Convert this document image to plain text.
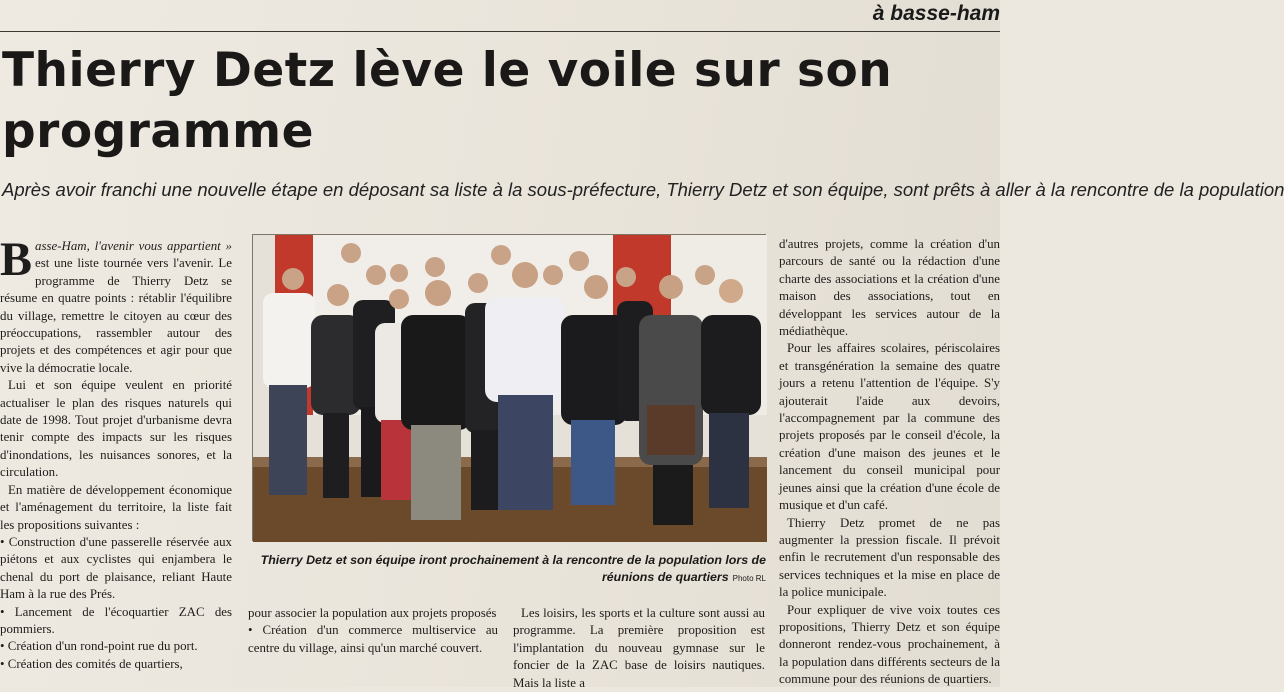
à basse-ham
Thierry Detz lève le voile sur son programme

Après avoir franchi une nouvelle étape en déposant sa liste à la sous-préfecture, Thierry Detz et son équipe, sont prêts à aller à la rencontre de la population

Basse-Ham, l'avenir vous appartient » est une liste tournée vers l'avenir. Le programme de Thierry Detz se résume en quatre points : rétablir l'équilibre du village, remettre le citoyen au cœur des préoccupations, rassembler autour des projets et des compétences et agir pour que vive la démocratie locale.

Lui et son équipe veulent en priorité actualiser le plan des risques naturels qui date de 1998. Tout projet d'urbanisme devra tenir compte des impacts sur les risques d'inondations, les nuisances sonores, et la circulation.

En matière de développement économique et l'aménagement du territoire, la liste fait les propositions suivantes :

• Construction d'une passerelle réservée aux piétons et aux cyclistes qui enjambera le chenal du port de plaisance, reliant Haute Ham à la rue des Prés.

• Lancement de l'écoquartier ZAC des pommiers.

• Création d'un rond-point rue du port.

• Création des comités de quartiers,

Thierry Detz et son équipe iront prochainement à la rencontre de la population lors de réunions de quartiers Photo RL

pour associer la population aux projets proposés

• Création d'un commerce multiservice au centre du village, ainsi qu'un marché couvert.

Les loisirs, les sports et la culture sont aussi au programme. La première proposition est l'implantation du nouveau gymnase sur le foncier de la ZAC base de loisirs nautiques. Mais la liste a

d'autres projets, comme la création d'un parcours de santé ou la rédaction d'une charte des associations et la création d'une maison des associations, tout en développant les services autour de la médiathèque.

Pour les affaires scolaires, périscolaires et transgénération la semaine des quatre jours a retenu l'attention de l'équipe. S'y ajouterait l'aide aux devoirs, l'accompagnement par la commune des projets proposés par le conseil d'école, la création d'une maison des jeunes et le lancement du conseil municipal pour jeunes ainsi que la création d'une école de musique et d'un café.

Thierry Detz promet de ne pas augmenter la pression fiscale. Il prévoit enfin le recrutement d'un responsable des services techniques et la mise en place de la police municipale.

Pour expliquer de vive voix toutes ces propositions, Thierry Detz et son équipe donneront rendez-vous prochainement, à la population dans différents secteurs de la commune pour des réunions de quartiers.
